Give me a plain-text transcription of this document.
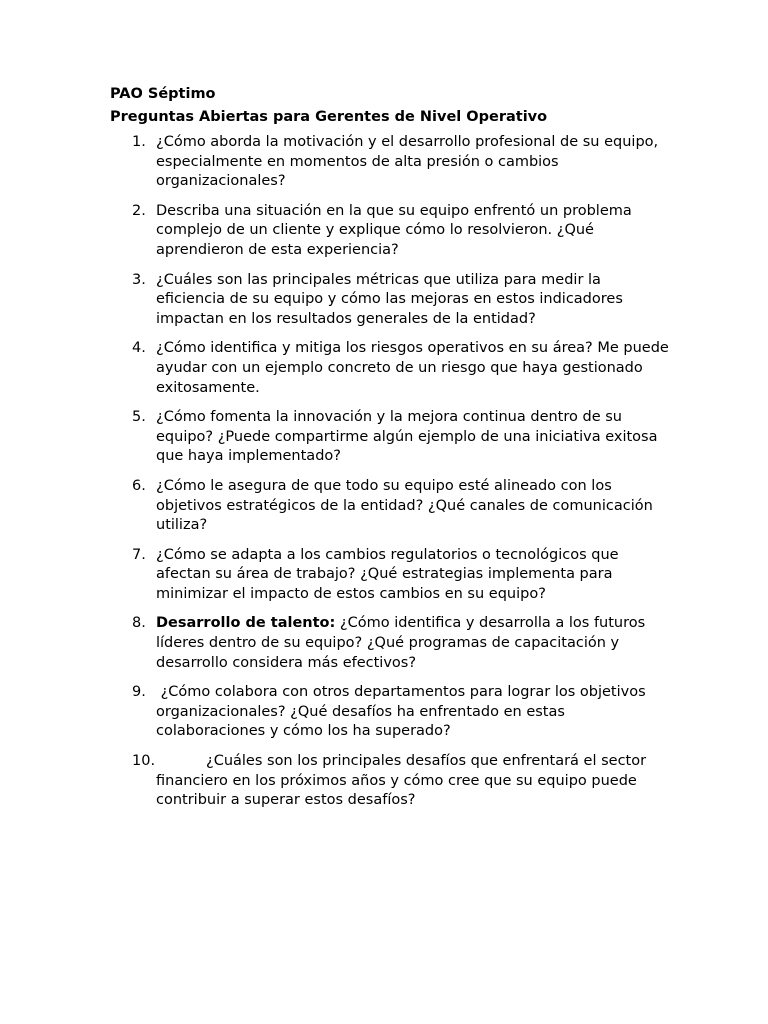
PAO Séptimo
Preguntas Abiertas para Gerentes de Nivel Operativo
1. ¿Cómo aborda la motivación y el desarrollo profesional de su equipo, especialmente en momentos de alta presión o cambios organizacionales?
2. Describa una situación en la que su equipo enfrentó un problema complejo de un cliente y explique cómo lo resolvieron. ¿Qué aprendieron de esta experiencia?
3. ¿Cuáles son las principales métricas que utiliza para medir la eficiencia de su equipo y cómo las mejoras en estos indicadores impactan en los resultados generales de la entidad?
4. ¿Cómo identifica y mitiga los riesgos operativos en su área? Me puede ayudar con un ejemplo concreto de un riesgo que haya gestionado exitosamente.
5. ¿Cómo fomenta la innovación y la mejora continua dentro de su equipo? ¿Puede compartirme algún ejemplo de una iniciativa exitosa que haya implementado?
6. ¿Cómo le asegura de que todo su equipo esté alineado con los objetivos estratégicos de la entidad? ¿Qué canales de comunicación utiliza?
7. ¿Cómo se adapta a los cambios regulatorios o tecnológicos que afectan su área de trabajo? ¿Qué estrategias implementa para minimizar el impacto de estos cambios en su equipo?
8. Desarrollo de talento: ¿Cómo identifica y desarrolla a los futuros líderes dentro de su equipo? ¿Qué programas de capacitación y desarrollo considera más efectivos?
9. ¿Cómo colabora con otros departamentos para lograr los objetivos organizacionales? ¿Qué desafíos ha enfrentado en estas colaboraciones y cómo los ha superado?
10.	¿Cuáles son los principales desafíos que enfrentará el sector financiero en los próximos años y cómo cree que su equipo puede contribuir a superar estos desafíos?
